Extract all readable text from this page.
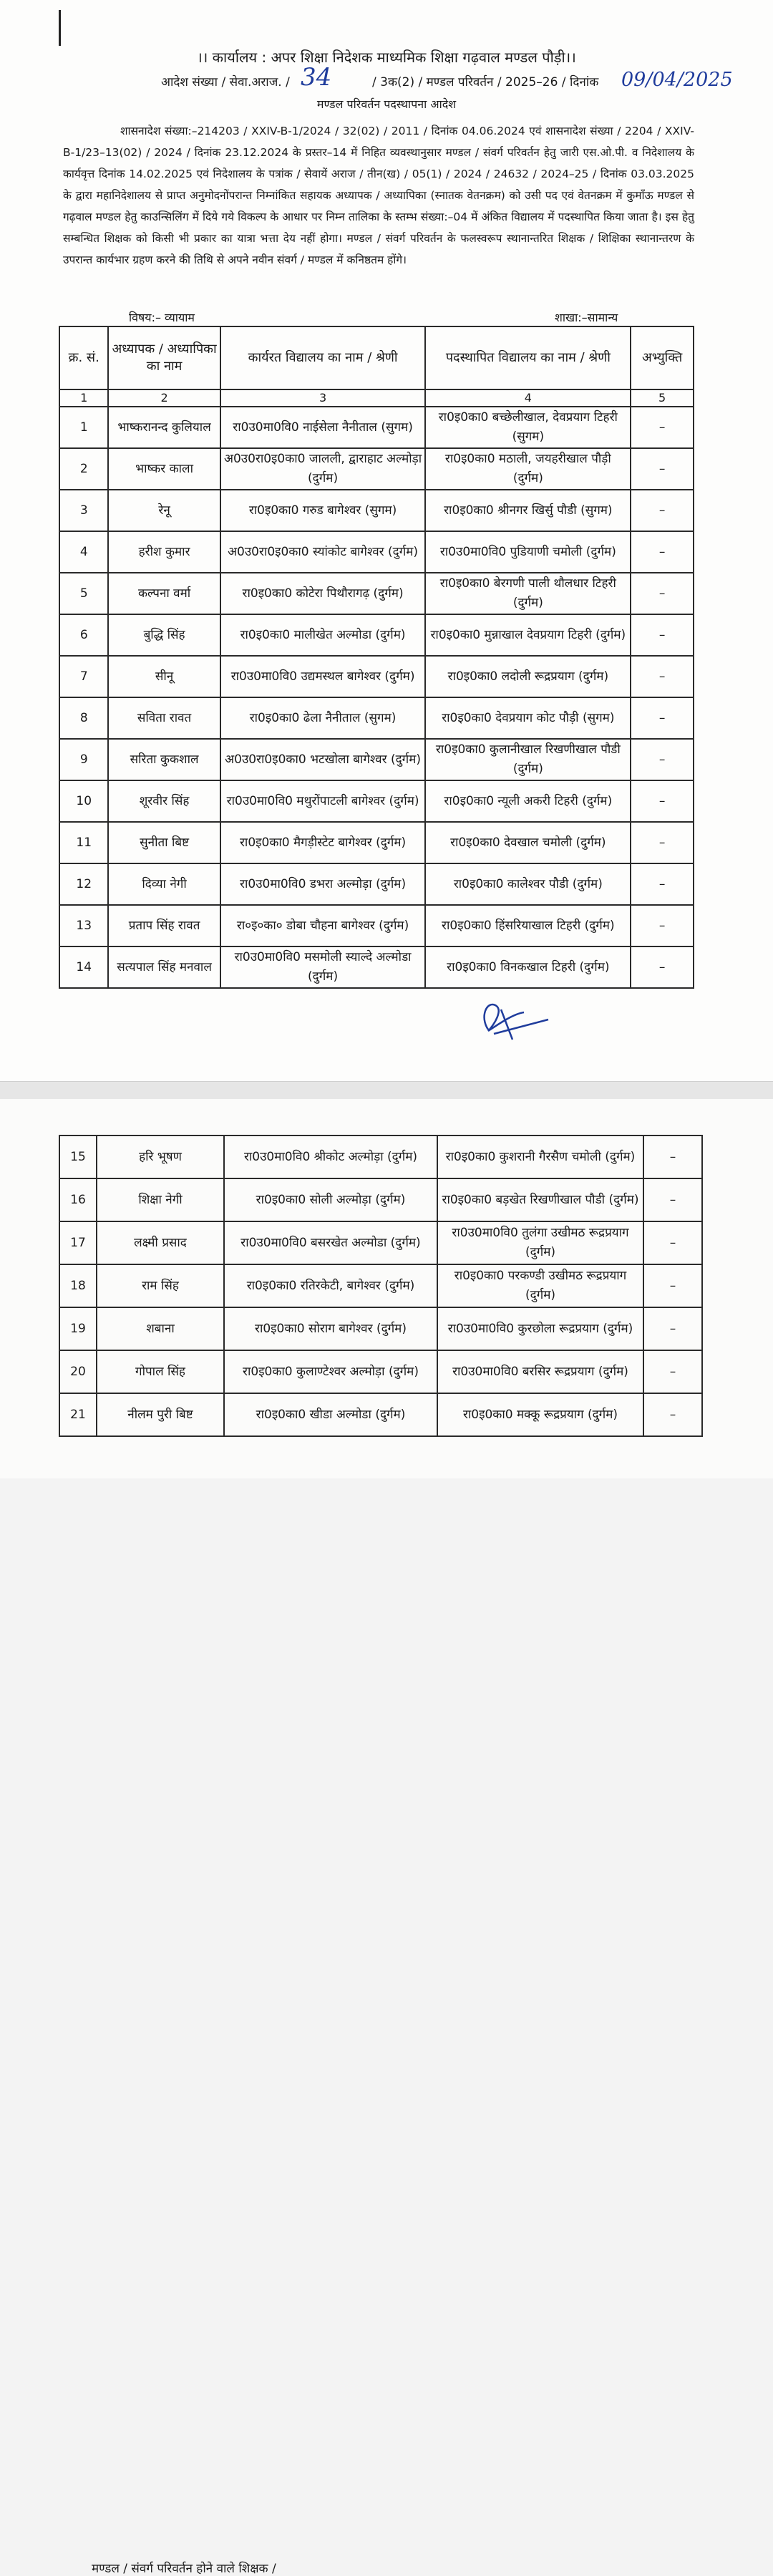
।। कार्यालय : अपर शिक्षा निदेशक माध्यमिक शिक्षा गढ़वाल मण्डल पौड़ी।।
आदेश संख्या / सेवा.अराज. / 34	/ 3क(2) / मण्डल परिवर्तन / 2025–26 / दिनांक 09/04/2025
मण्डल परिवर्तन पदस्थापना आदेश
शासनादेश संख्या:–214203 / XXIV-B-1/2024 / 32(02) / 2011 / दिनांक 04.06.2024 एवं शासनादेश संख्या / 2204 / XXIV-B-1/23–13(02) / 2024 / दिनांक 23.12.2024 के प्रस्तर–14 में निहित व्यवस्थानुसार मण्डल / संवर्ग परिवर्तन हेतु जारी एस.ओ.पी. व निदेशालय के कार्यवृत्त दिनांक 14.02.2025 एवं निदेशालय के पत्रांक / सेवायें अराज / तीन(ख) / 05(1) / 2024 / 24632 / 2024–25 / दिनांक 03.03.2025 के द्वारा महानिदेशालय से प्राप्त अनुमोदनोंपरान्त निम्नांकित सहायक अध्यापक / अध्यापिका (स्नातक वेतनक्रम) को उसी पद एवं वेतनक्रम में कुमाँऊ मण्डल से गढ़वाल मण्डल हेतु काउन्सिलिंग में दिये गये विकल्प के आधार पर निम्न तालिका के स्तम्भ संख्या:–04 में अंकित विद्यालय में पदस्थापित किया जाता है। इस हेतु सम्बन्धित शिक्षक को किसी भी प्रकार का यात्रा भत्ता देय नहीं होगा। मण्डल / संवर्ग परिवर्तन के फलस्वरूप स्थानान्तरित शिक्षक / शिक्षिका स्थानान्तरण के उपरान्त कार्यभार ग्रहण करने की तिथि से अपने नवीन संवर्ग / मण्डल में कनिष्ठतम होंगे।
विषय:– व्यायाम	शाखा:–सामान्य
क्र. सं.	अध्यापक / अध्यापिका का नाम	कार्यरत विद्यालय का नाम / श्रेणी	पदस्थापित विद्यालय का नाम / श्रेणी	अभ्युक्ति
1	2	3	4	5
1	भाष्करानन्द कुलियाल	रा0उ0मा0वि0 नाईसेला नैनीताल (सुगम)	रा0इ0का0 बच्छेलीखाल, देवप्रयाग टिहरी (सुगम)	–
2	भाष्कर काला	अ0उ0रा0इ0का0 जालली, द्वाराहाट अल्मोड़ा (दुर्गम)	रा0इ0का0 मठाली, जयहरीखाल पौड़ी (दुर्गम)	–
3	रेनू	रा0इ0का0 गरुड बागेश्वर (सुगम)	रा0इ0का0 श्रीनगर खिर्सु पौडी (सुगम)	–
4	हरीश कुमार	अ0उ0रा0इ0का0 स्यांकोट बागेश्वर (दुर्गम)	रा0उ0मा0वि0 पुडियाणी चमोली (दुर्गम)	–
5	कल्पना वर्मा	रा0इ0का0 कोटेरा पिथौरागढ़ (दुर्गम)	रा0इ0का0 बेरगणी पाली थौलधार टिहरी (दुर्गम)	–
6	बुद्धि सिंह	रा0इ0का0 मालीखेत अल्मोडा (दुर्गम)	रा0इ0का0 मुन्नाखाल देवप्रयाग टिहरी (दुर्गम)	–
7	सीनू	रा0उ0मा0वि0 उद्यमस्थल बागेश्वर (दुर्गम)	रा0इ0का0 लदोली रूद्रप्रयाग (दुर्गम)	–
8	सविता रावत	रा0इ0का0 ढेला नैनीताल (सुगम)	रा0इ0का0 देवप्रयाग कोट पौड़ी (सुगम)	–
9	सरिता कुकशाल	अ0उ0रा0इ0का0 भटखोला बागेश्वर (दुर्गम)	रा0इ0का0 कुलानीखाल रिखणीखाल पौडी (दुर्गम)	–
10	शूरवीर सिंह	रा0उ0मा0वि0 मथुरोंपाटली बागेश्वर (दुर्गम)	रा0इ0का0 न्यूली अकरी टिहरी (दुर्गम)	–
11	सुनीता बिष्ट	रा0इ0का0 मैगड़ीस्टेट बागेश्वर (दुर्गम)	रा0इ0का0 देवखाल चमोली (दुर्गम)	–
12	दिव्या नेगी	रा0उ0मा0वि0 डभरा अल्मोड़ा (दुर्गम)	रा0इ0का0 कालेश्वर पौडी (दुर्गम)	–
13	प्रताप सिंह रावत	रा०इ०का० डोबा चौहना बागेश्वर (दुर्गम)	रा0इ0का0 हिंसरियाखाल टिहरी (दुर्गम)	–
14	सत्यपाल सिंह मनवाल	रा0उ0मा0वि0 मसमोली स्याल्दे अल्मोडा (दुर्गम)	रा0इ0का0 विनकखाल टिहरी (दुर्गम)	–
मण्डल / संवर्ग परिवर्तन होने वाले शिक्षक /
15	हरि भूषण	रा0उ0मा0वि0 श्रीकोट अल्मोड़ा (दुर्गम)	रा0इ0का0 कुशरानी गैरसैण चमोली (दुर्गम)	–
16	शिक्षा नेगी	रा0इ0का0 सोली अल्मोड़ा (दुर्गम)	रा0इ0का0 बड़खेत रिखणीखाल पौडी (दुर्गम)	–
17	लक्ष्मी प्रसाद	रा0उ0मा0वि0 बसरखेत अल्मोडा (दुर्गम)	रा0उ0मा0वि0 तुलंगा उखीमठ रूद्रप्रयाग (दुर्गम)	–
18	राम सिंह	रा0इ0का0 रतिरकेटी, बागेश्वर (दुर्गम)	रा0इ0का0 परकण्डी उखीमठ रूद्रप्रयाग (दुर्गम)	–
19	शबाना	रा0इ0का0 सोराग बागेश्वर (दुर्गम)	रा0उ0मा0वि0 कुरछोला रूद्रप्रयाग (दुर्गम)	–
20	गोपाल सिंह	रा0इ0का0 कुलाण्टेश्वर अल्मोड़ा (दुर्गम)	रा0उ0मा0वि0 बरसिर रूद्रप्रयाग (दुर्गम)	–
21	नीलम पुरी बिष्ट	रा0इ0का0 खीडा अल्मोडा (दुर्गम)	रा0इ0का0 मक्कू रूद्रप्रयाग (दुर्गम)	–
